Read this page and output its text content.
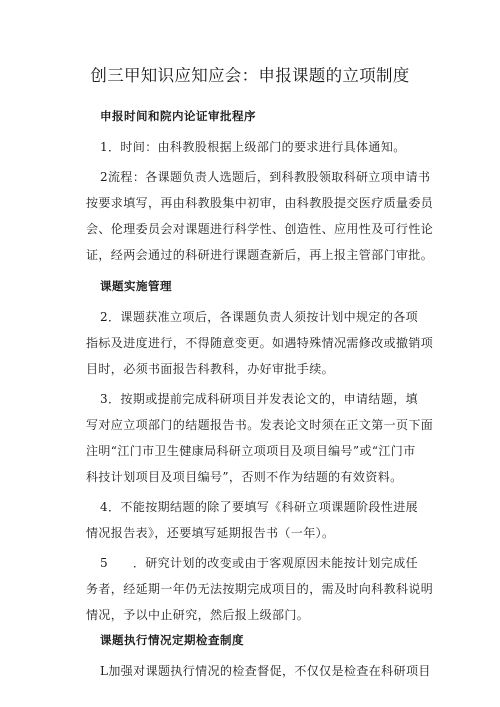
创三甲知识应知应会：申报课题的立项制度
申报时间和院内论证审批程序

1．时间：由科教股根据上级部门的要求进行具体通知。

2流程：各课题负责人选题后，到科教股领取科研立项申请书
按要求填写，再由科教股集中初审，由科教股提交医疗质量委员
会、伦理委员会对课题进行科学性、创造性、应用性及可行性论
证，经两会通过的科研进行课题查新后，再上报主管部门审批。

课题实施管理

2．课题获准立项后，各课题负责人须按计划中规定的各项
指标及进度进行，不得随意变更。如遇特殊情况需修改或撤销项
目时，必须书面报告科教科，办好审批手续。

3．按期或提前完成科研项目并发表论文的，申请结题，填
写对应立项部门的结题报告书。发表论文时须在正文第一页下面
注明“江门市卫生健康局科研立项项目及项目编号”或“江门市
科技计划项目及项目编号”，否则不作为结题的有效资料。

4．不能按期结题的除了要填写《科研立项课题阶段性进展
情况报告表》，还要填写延期报告书（一年）。

5　　．研究计划的改变或由于客观原因未能按计划完成任
务者，经延期一年仍无法按期完成项目的，需及时向科教科说明
情况，予以中止研究，然后报上级部门。

课题执行情况定期检查制度

L加强对课题执行情况的检查督促，不仅仅是检查在科研项目
